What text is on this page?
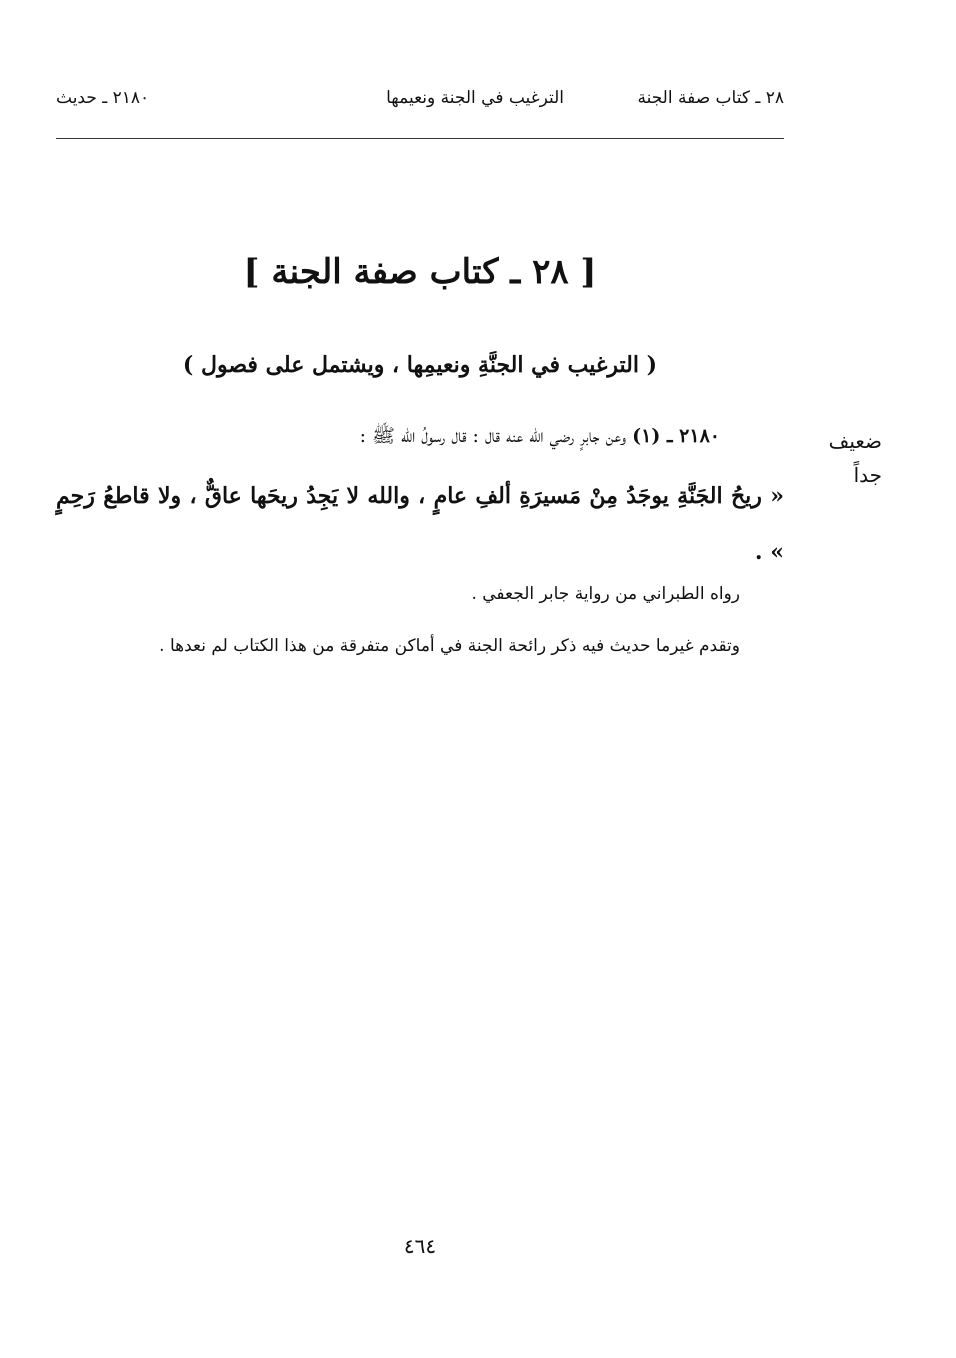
٢٨ ـ كتاب صفة الجنة
الترغيب في الجنة ونعيمها
٢١٨٠ ـ حديث
[ ٢٨ ـ كتاب صفة الجنة ]
( الترغيب في الجنَّةِ ونعيمِها ، ويشتمل على فصول )
ضعيف
جداً
٢١٨٠ ـ (١) وعن جابرٍ رضي الله عنه قال : قال رسولُ الله ﷺ :
« ريحُ الجَنَّةِ يوجَدُ مِنْ مَسيرَةِ ألفِ عامٍ ، والله لا يَجِدُ ريحَها عاقٌّ ، ولا قاطعُ رَحِمٍ » .
رواه الطبراني من رواية جابر الجعفي .
وتقدم غيرما حديث فيه ذكر رائحة الجنة في أماكن متفرقة من هذا الكتاب لم نعدها .
٤٦٤
